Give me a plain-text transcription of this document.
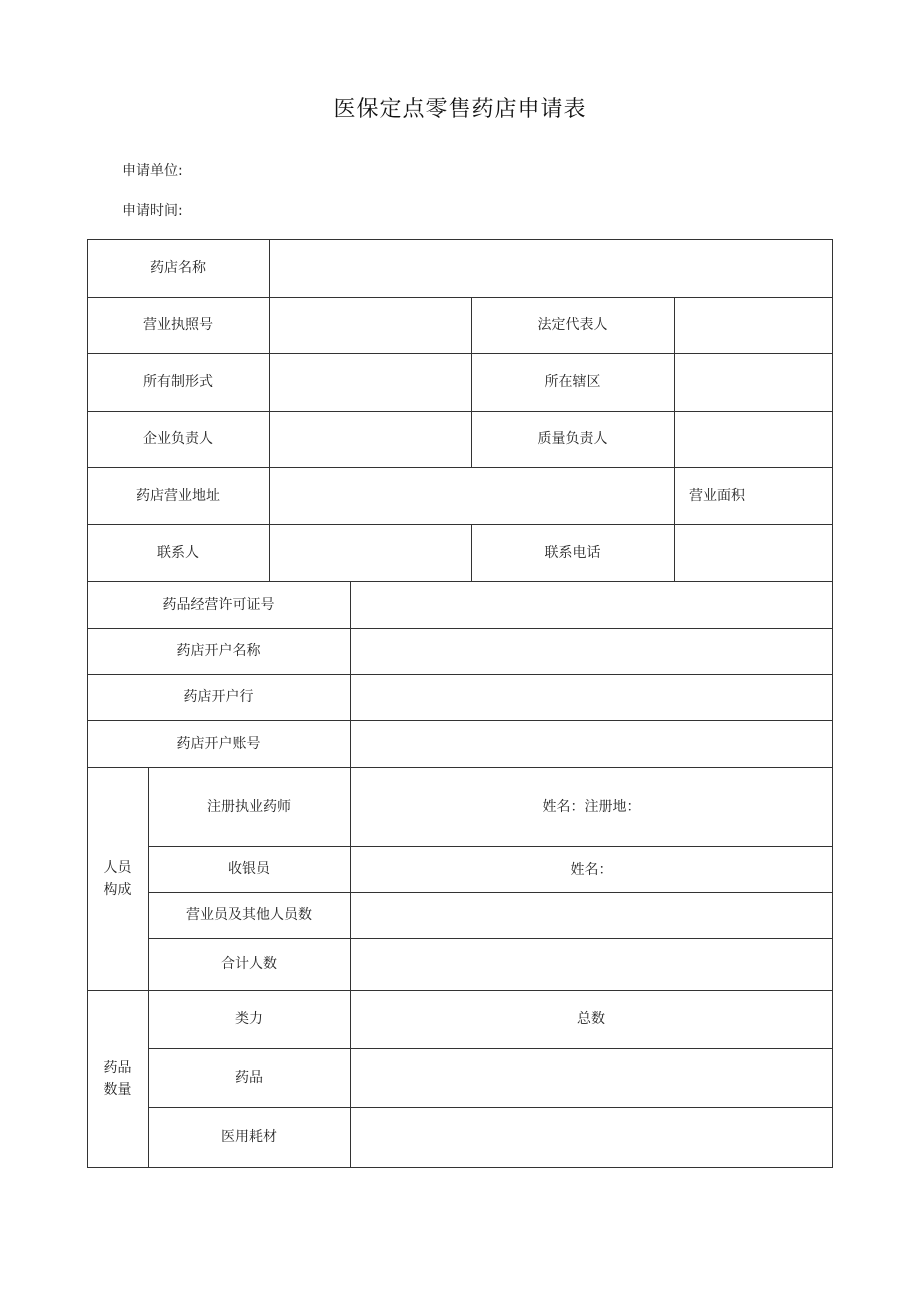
医保定点零售药店申请表
申请单位:
申请时间:
药店名称
营业执照号	法定代表人
所有制形式	所在辖区
企业负责人	质量负责人
药店营业地址	营业面积
联系人	联系电话
药品经营许可证号
药店开户名称
药店开户行
药店开户账号
人员构成
注册执业药师	姓名：注册地：
收银员	姓名：
营业员及其他人员数
合计人数
药品数量
类力	总数
药品
医用耗材
